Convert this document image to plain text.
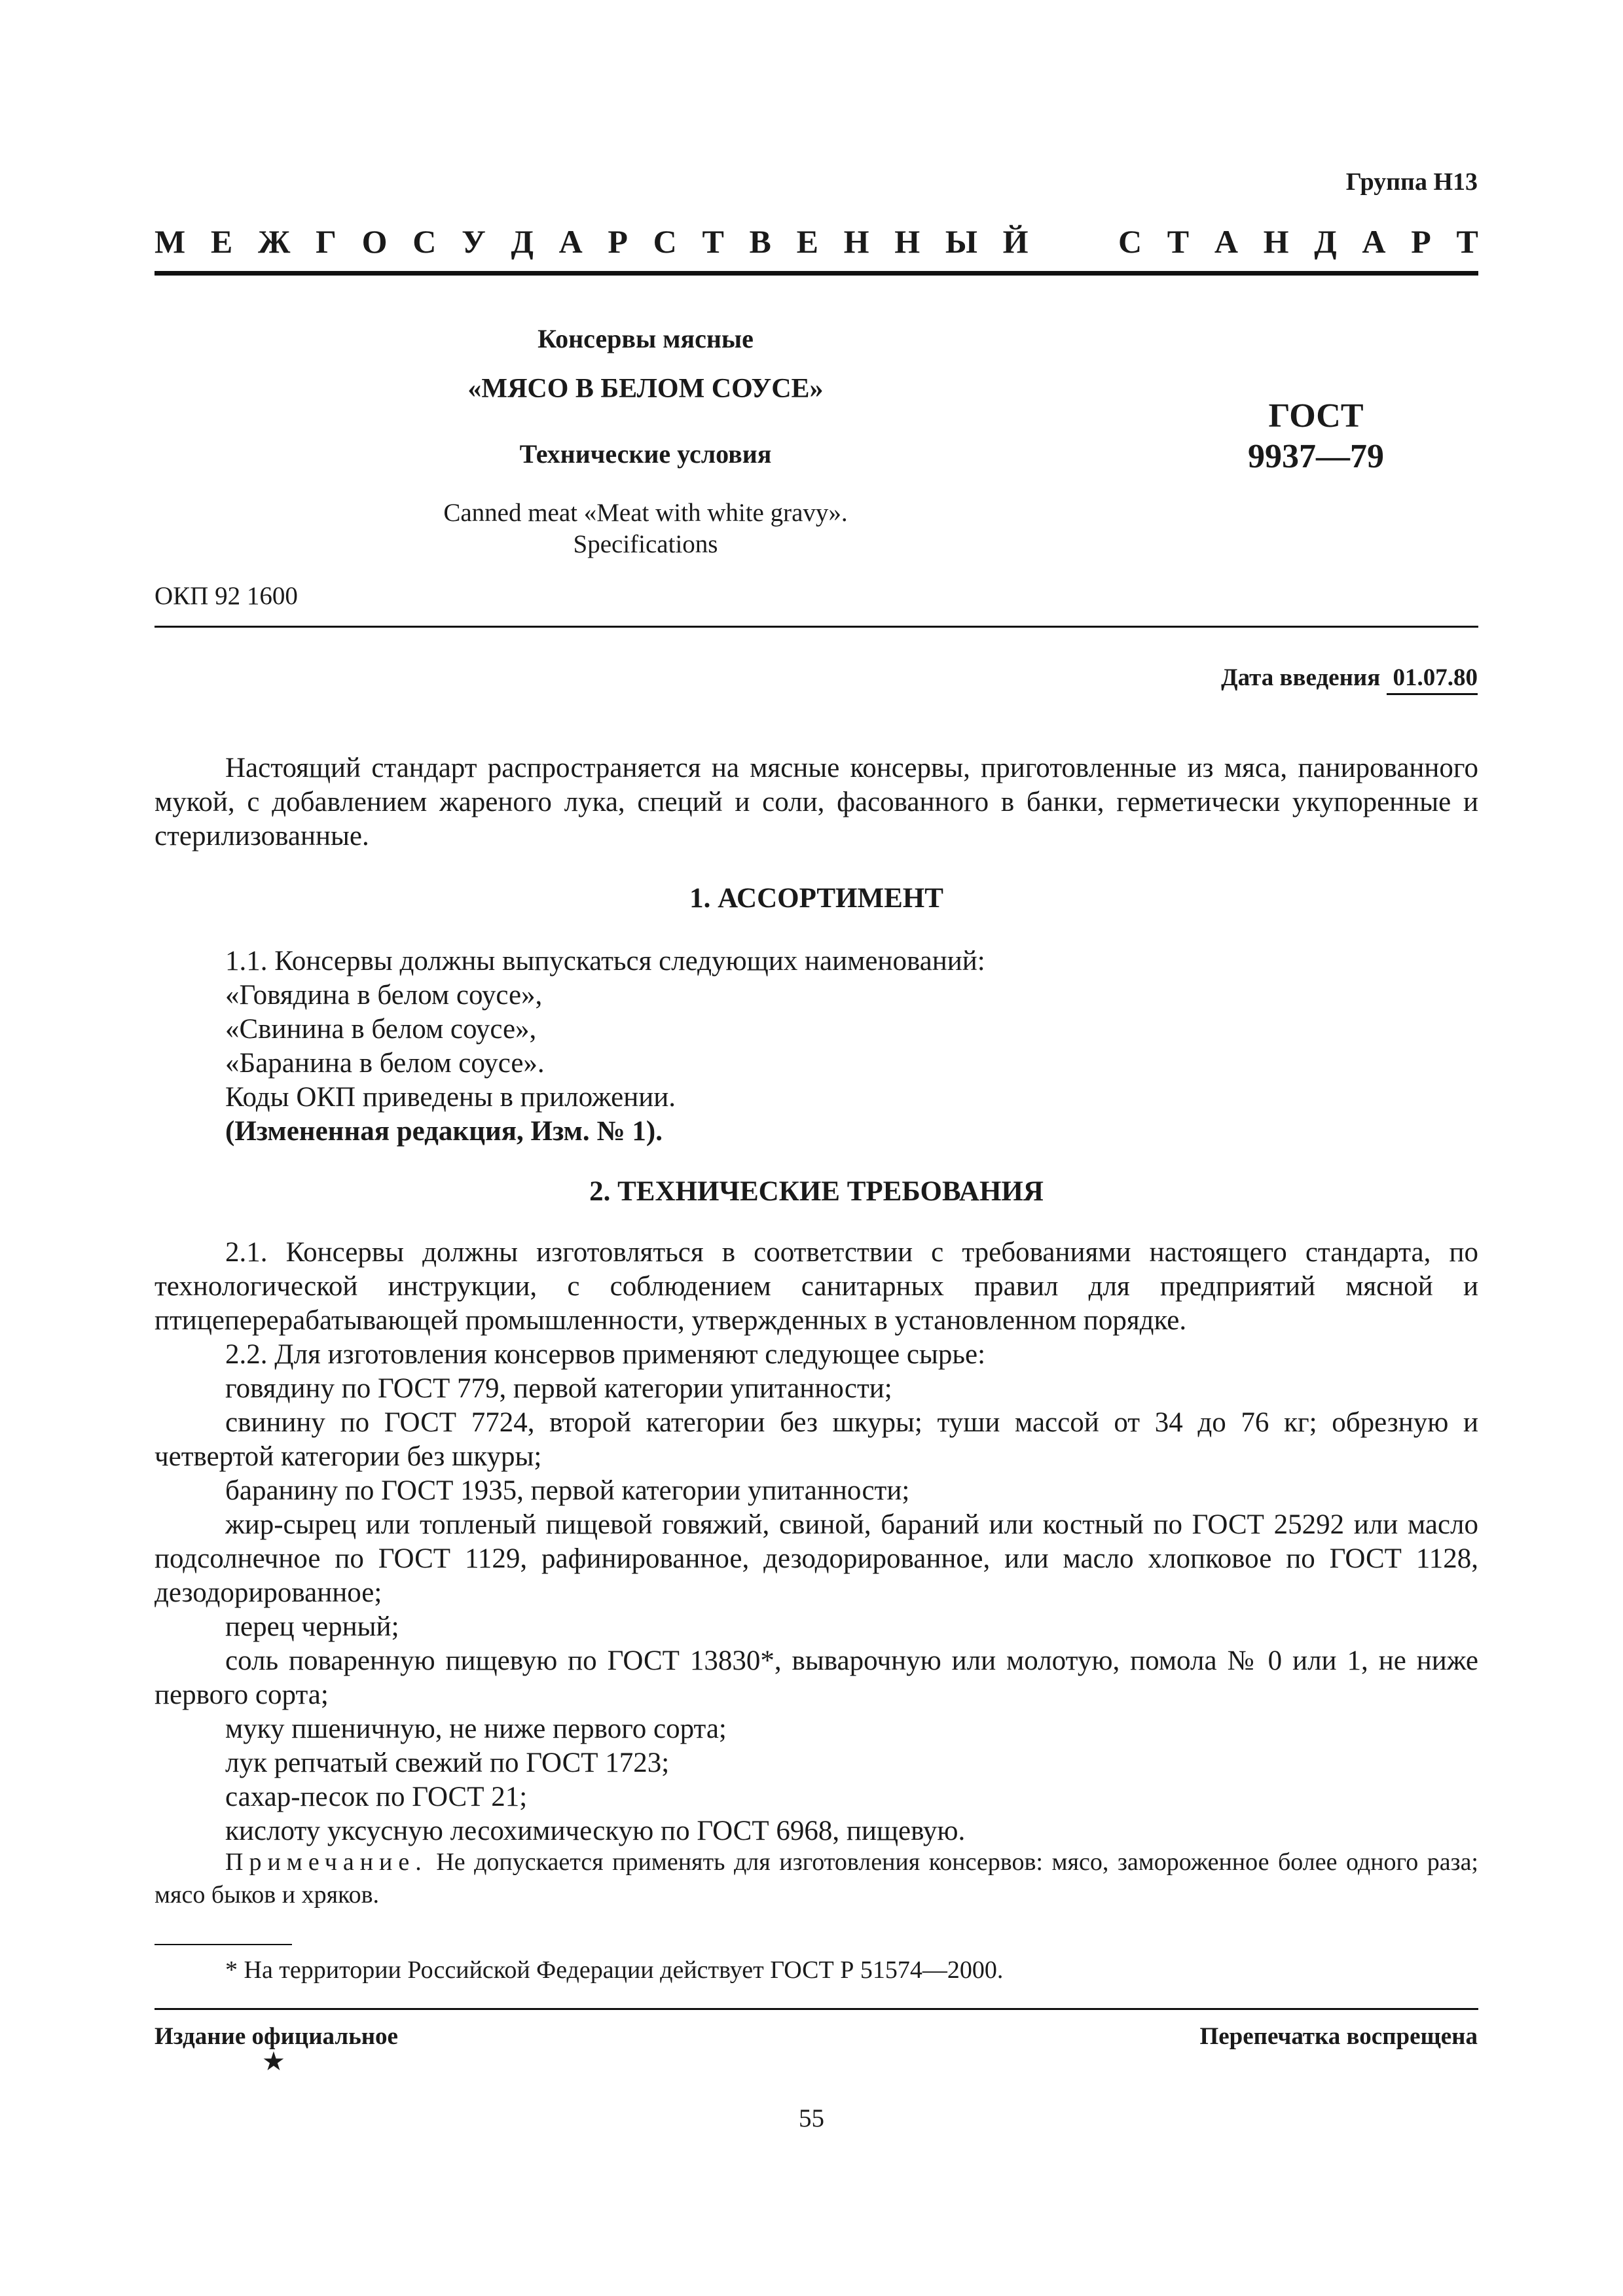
Группа Н13
М Е Ж Г О С У Д А Р С Т В Е Н Н Ы Й	С Т А Н Д А Р Т
Консервы мясные
«МЯСО В БЕЛОМ СОУСЕ»
Технические условия
Canned meat «Meat with white gravy».
Specifications
ГОСТ
9937—79
ОКП 92 1600
Дата введения 01.07.80
Настоящий стандарт распространяется на мясные консервы, приготовленные из мяса, панированного мукой, с добавлением жареного лука, специй и соли, фасованного в банки, герметически укупоренные и стерилизованные.
1. АССОРТИМЕНТ

1.1. Консервы должны выпускаться следующих наименований:

«Говядина в белом соусе»,

«Свинина в белом соусе»,

«Баранина в белом соусе».

Коды ОКП приведены в приложении.

(Измененная редакция, Изм. № 1).

2. ТЕХНИЧЕСКИЕ ТРЕБОВАНИЯ

2.1. Консервы должны изготовляться в соответствии с требованиями настоящего стандарта, по технологической инструкции, с соблюдением санитарных правил для предприятий мясной и птицеперерабатывающей промышленности, утвержденных в установленном порядке.

2.2. Для изготовления консервов применяют следующее сырье:

говядину по ГОСТ 779, первой категории упитанности;

свинину по ГОСТ 7724, второй категории без шкуры; туши массой от 34 до 76 кг; обрезную и четвертой категории без шкуры;

баранину по ГОСТ 1935, первой категории упитанности;

жир-сырец или топленый пищевой говяжий, свиной, бараний или костный по ГОСТ 25292 или масло подсолнечное по ГОСТ 1129, рафинированное, дезодорированное, или масло хлопковое по ГОСТ 1128, дезодорированное;

перец черный;

соль поваренную пищевую по ГОСТ 13830*, выварочную или молотую, помола № 0 или 1, не ниже первого сорта;

муку пшеничную, не ниже первого сорта;

лук репчатый свежий по ГОСТ 1723;

сахар-песок по ГОСТ 21;

кислоту уксусную лесохимическую по ГОСТ 6968, пищевую.

Примечание. Не допускается применять для изготовления консервов: мясо, замороженное более одного раза; мясо быков и хряков.
* На территории Российской Федерации действует ГОСТ Р 51574—2000.
Издание официальное
★
Перепечатка воспрещена
55
